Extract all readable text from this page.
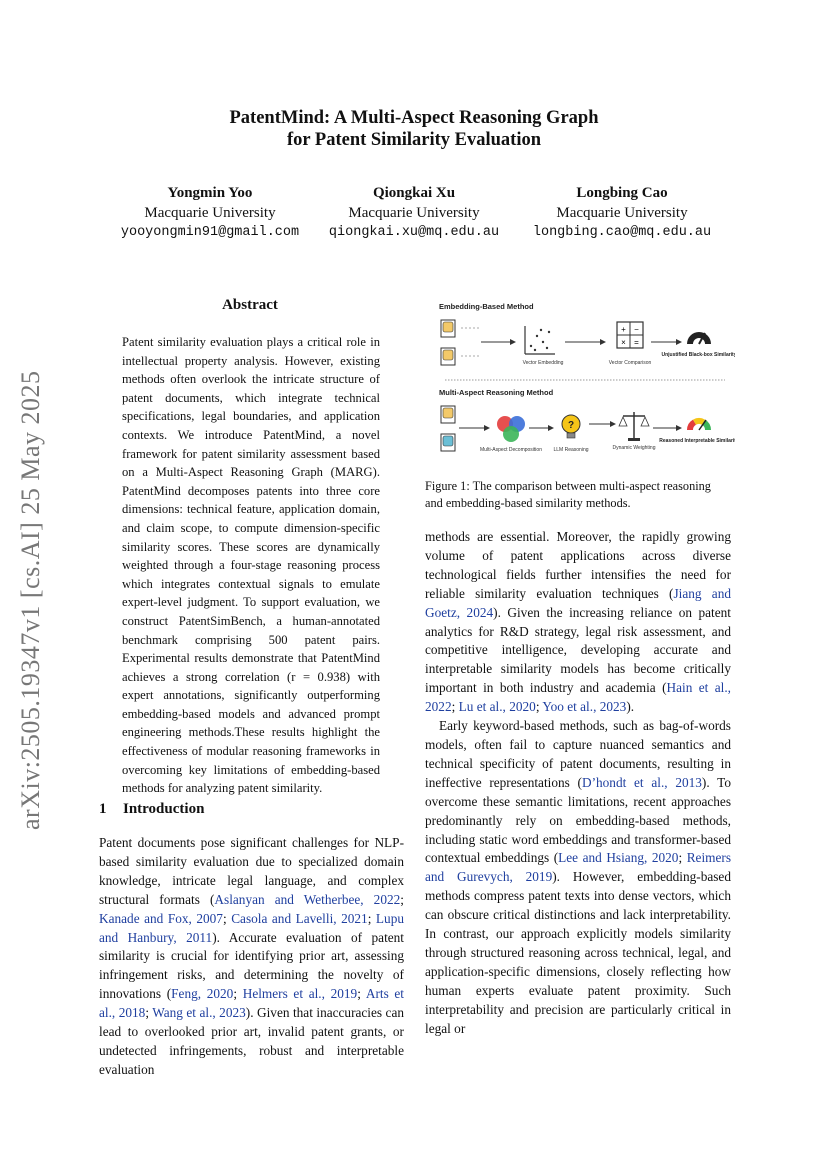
arXiv:2505.19347v1 [cs.AI] 25 May 2025
PatentMind: A Multi-Aspect Reasoning Graph
for Patent Similarity Evaluation
Yongmin Yoo
Macquarie University
yooyongmin91@gmail.com
Qiongkai Xu
Macquarie University
qiongkai.xu@mq.edu.au
Longbing Cao
Macquarie University
longbing.cao@mq.edu.au
Abstract
Patent similarity evaluation plays a critical role in intellectual property analysis. However, existing methods often overlook the intricate structure of patent documents, which integrate technical specifications, legal boundaries, and application contexts. We introduce PatentMind, a novel framework for patent similarity assessment based on a Multi-Aspect Reasoning Graph (MARG). PatentMind decomposes patents into three core dimensions: technical feature, application domain, and claim scope, to compute dimension-specific similarity scores. These scores are dynamically weighted through a four-stage reasoning process which integrates contextual signals to emulate expert-level judgment. To support evaluation, we construct PatentSimBench, a human-annotated benchmark comprising 500 patent pairs. Experimental results demonstrate that PatentMind achieves a strong correlation (r = 0.938) with expert annotations, significantly outperforming embedding-based models and advanced prompt engineering methods.These results highlight the effectiveness of modular reasoning frameworks in overcoming key limitations of embedding-based methods for analyzing patent similarity.
1 Introduction

Patent documents pose significant challenges for NLP-based similarity evaluation due to specialized domain knowledge, intricate legal language, and complex structural formats (Aslanyan and Wetherbee, 2022; Kanade and Fox, 2007; Casola and Lavelli, 2021; Lupu and Hanbury, 2011). Accurate evaluation of patent similarity is crucial for identifying prior art, assessing infringement risks, and determining the novelty of innovations (Feng, 2020; Helmers et al., 2019; Arts et al., 2018; Wang et al., 2023). Given that inaccuracies can lead to overlooked prior art, invalid patent grants, or undetected infringements, robust and interpretable evaluation

Embedding-Based Method
Vector Embedding
+ −
× =
Vector Comparison
Unjustified Black-box Similarity
Multi-Aspect Reasoning Method
Multi-Aspect Decomposition
?
LLM Reasoning	Dynamic Weighting
Reasoned Interpretable Similarity
Figure 1: The comparison between multi-aspect reasoning and embedding-based similarity methods.

methods are essential. Moreover, the rapidly growing volume of patent applications across diverse technological fields further intensifies the need for reliable similarity evaluation techniques (Jiang and Goetz, 2024). Given the increasing reliance on patent analytics for R&D strategy, legal risk assessment, and competitive intelligence, developing accurate and interpretable similarity models has become critically important in both industry and academia (Hain et al., 2022; Lu et al., 2020; Yoo et al., 2023).

Early keyword-based methods, such as bag-of-words models, often fail to capture nuanced semantics and technical specificity of patent documents, resulting in ineffective representations (D’hondt et al., 2013). To overcome these semantic limitations, recent approaches predominantly rely on embedding-based methods, including static word embeddings and transformer-based contextual embeddings (Lee and Hsiang, 2020; Reimers and Gurevych, 2019). However, embedding-based methods compress patent texts into dense vectors, which can obscure critical distinctions and lack interpretability. In contrast, our approach explicitly models similarity through structured reasoning across technical, legal, and application-specific dimensions, closely reflecting how human experts evaluate patent proximity. Such interpretability and precision are particularly critical in legal or
